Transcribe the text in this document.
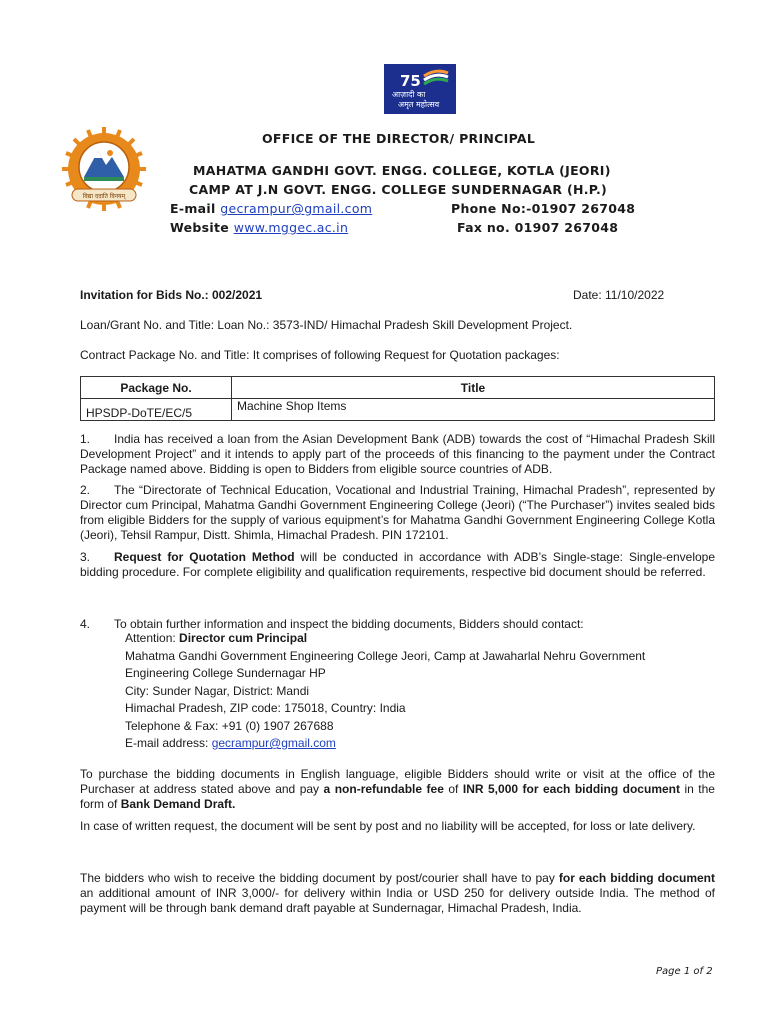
75
आज़ादी का
अमृत महोत्सव
विद्या ददाति विनयम्
OFFICE OF THE DIRECTOR/ PRINCIPAL
MAHATMA GANDHI GOVT. ENGG. COLLEGE, KOTLA (JEORI)
CAMP AT J.N GOVT. ENGG. COLLEGE SUNDERNAGAR (H.P.)
E-mail gecrampur@gmail.com
Website www.mggec.ac.in
Phone No:-01907 267048
Fax no. 01907 267048
Invitation for Bids No.: 002/2021	Date: 11/10/2022
Loan/Grant No. and Title: Loan No.: 3573-IND/ Himachal Pradesh Skill Development Project.
Contract Package No. and Title: It comprises of following Request for Quotation packages:
Package No.	Title
HPSDP-DoTE/EC/5	Machine Shop Items
1. India has received a loan from the Asian Development Bank (ADB) towards the cost of “Himachal Pradesh Skill Development Project” and it intends to apply part of the proceeds of this financing to the payment under the Contract Package named above. Bidding is open to Bidders from eligible source countries of ADB.
2. The “Directorate of Technical Education, Vocational and Industrial Training, Himachal Pradesh”, represented by Director cum Principal, Mahatma Gandhi Government Engineering College (Jeori) (“The Purchaser”) invites sealed bids from eligible Bidders for the supply of various equipment’s for Mahatma Gandhi Government Engineering College Kotla (Jeori), Tehsil Rampur, Distt. Shimla, Himachal Pradesh. PIN 172101.
3. Request for Quotation Method will be conducted in accordance with ADB’s Single-stage: Single-envelope bidding procedure. For complete eligibility and qualification requirements, respective bid document should be referred.
4. To obtain further information and inspect the bidding documents, Bidders should contact:
Attention: Director cum Principal
Mahatma Gandhi Government Engineering College Jeori, Camp at Jawaharlal Nehru Government
Engineering College Sundernagar HP
City: Sunder Nagar, District: Mandi
Himachal Pradesh, ZIP code: 175018, Country: India
Telephone & Fax: +91 (0) 1907 267688
E-mail address: gecrampur@gmail.com
To purchase the bidding documents in English language, eligible Bidders should write or visit at the office of the Purchaser at address stated above and pay a non-refundable fee of INR 5,000 for each bidding document in the form of Bank Demand Draft.
In case of written request, the document will be sent by post and no liability will be accepted, for loss or late delivery.
The bidders who wish to receive the bidding document by post/courier shall have to pay for each bidding document an additional amount of INR 3,000/- for delivery within India or USD 250 for delivery outside India. The method of payment will be through bank demand draft payable at Sundernagar, Himachal Pradesh, India.
Page 1 of 2
